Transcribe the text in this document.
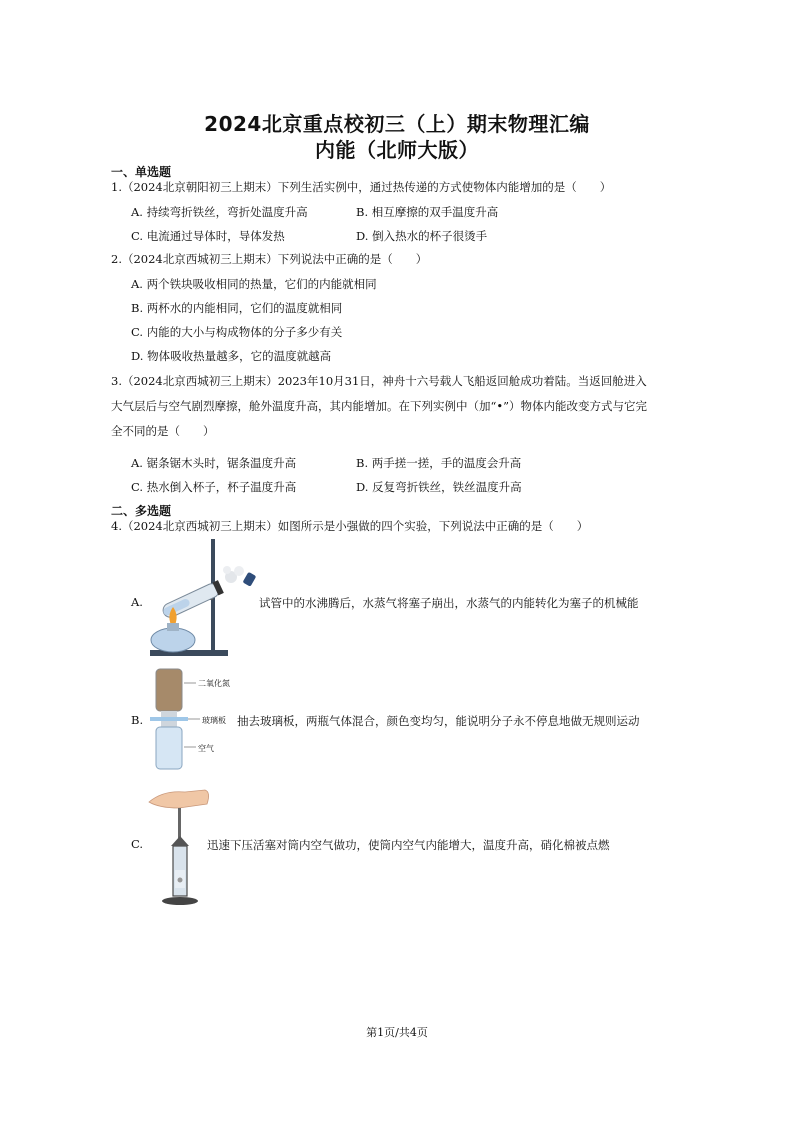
2024北京重点校初三（上）期末物理汇编
内能（北师大版）
一、单选题
1.（2024北京朝阳初三上期末）下列生活实例中，通过热传递的方式使物体内能增加的是（　　）
A. 持续弯折铁丝，弯折处温度升高	B. 相互摩擦的双手温度升高
C. 电流通过导体时，导体发热	D. 倒入热水的杯子很烫手
2.（2024北京西城初三上期末）下列说法中正确的是（　　）
A. 两个铁块吸收相同的热量，它们的内能就相同
B. 两杯水的内能相同，它们的温度就相同
C. 内能的大小与构成物体的分子多少有关
D. 物体吸收热量越多，它的温度就越高
3.（2024北京西城初三上期末）2023年10月31日，神舟十六号载人飞船返回舱成功着陆。当返回舱进入
大气层后与空气剧烈摩擦，舱外温度升高，其内能增加。在下列实例中（加“•”）物体内能改变方式与它完
全不同的是（　　）
A. 锯条锯木头时，锯条温度升高	B. 两手搓一搓，手的温度会升高
C. 热水倒入杯子，杯子温度升高	D. 反复弯折铁丝，铁丝温度升高
二、多选题
4.（2024北京西城初三上期末）如图所示是小强做的四个实验，下列说法中正确的是（　　）
A.	试管中的水沸腾后，水蒸气将塞子崩出，水蒸气的内能转化为塞子的机械能
B.
二氧化氮
玻璃板
空气
抽去玻璃板，两瓶气体混合，颜色变均匀，能说明分子永不停息地做无规则运动
C.	迅速下压活塞对筒内空气做功，使筒内空气内能增大，温度升高，硝化棉被点燃
第1页/共4页
